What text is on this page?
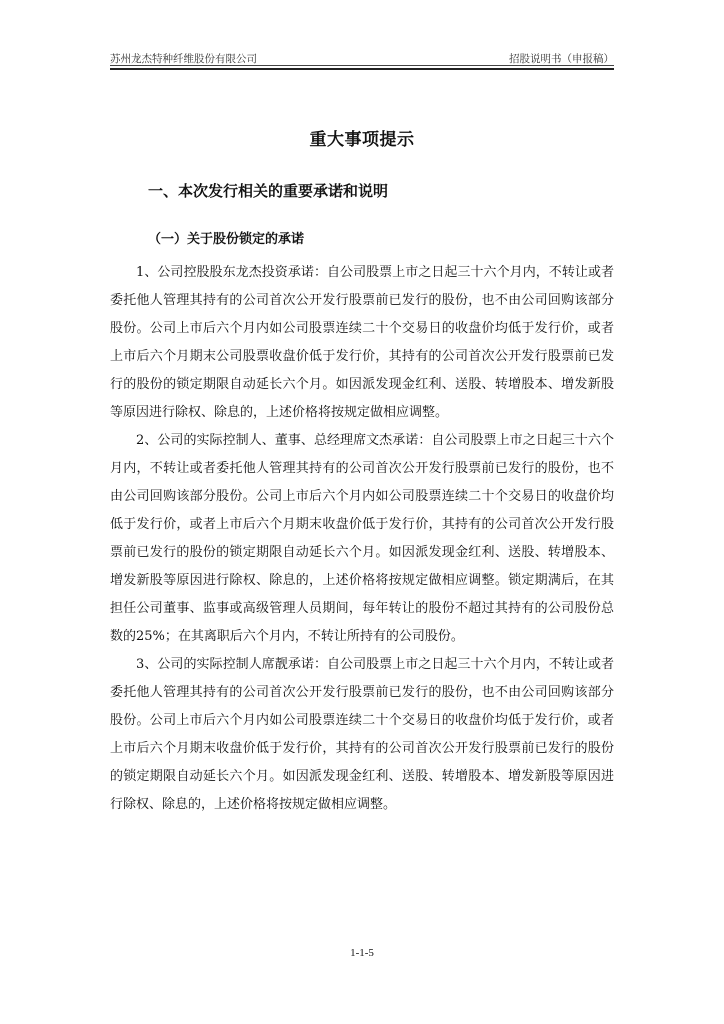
苏州龙杰特种纤维股份有限公司	招股说明书（申报稿）
重大事项提示
一、本次发行相关的重要承诺和说明
（一）关于股份锁定的承诺

1、公司控股股东龙杰投资承诺：自公司股票上市之日起三十六个月内，不转让或者委托他人管理其持有的公司首次公开发行股票前已发行的股份，也不由公司回购该部分股份。公司上市后六个月内如公司股票连续二十个交易日的收盘价均低于发行价，或者上市后六个月期末公司股票收盘价低于发行价，其持有的公司首次公开发行股票前已发行的股份的锁定期限自动延长六个月。如因派发现金红利、送股、转增股本、增发新股等原因进行除权、除息的，上述价格将按规定做相应调整。

2、公司的实际控制人、董事、总经理席文杰承诺：自公司股票上市之日起三十六个月内，不转让或者委托他人管理其持有的公司首次公开发行股票前已发行的股份，也不由公司回购该部分股份。公司上市后六个月内如公司股票连续二十个交易日的收盘价均低于发行价，或者上市后六个月期末收盘价低于发行价，其持有的公司首次公开发行股票前已发行的股份的锁定期限自动延长六个月。如因派发现金红利、送股、转增股本、增发新股等原因进行除权、除息的，上述价格将按规定做相应调整。锁定期满后，在其担任公司董事、监事或高级管理人员期间，每年转让的股份不超过其持有的公司股份总数的25%；在其离职后六个月内，不转让所持有的公司股份。

3、公司的实际控制人席靓承诺：自公司股票上市之日起三十六个月内，不转让或者委托他人管理其持有的公司首次公开发行股票前已发行的股份，也不由公司回购该部分股份。公司上市后六个月内如公司股票连续二十个交易日的收盘价均低于发行价，或者上市后六个月期末收盘价低于发行价，其持有的公司首次公开发行股票前已发行的股份的锁定期限自动延长六个月。如因派发现金红利、送股、转增股本、增发新股等原因进行除权、除息的，上述价格将按规定做相应调整。

1-1-5
